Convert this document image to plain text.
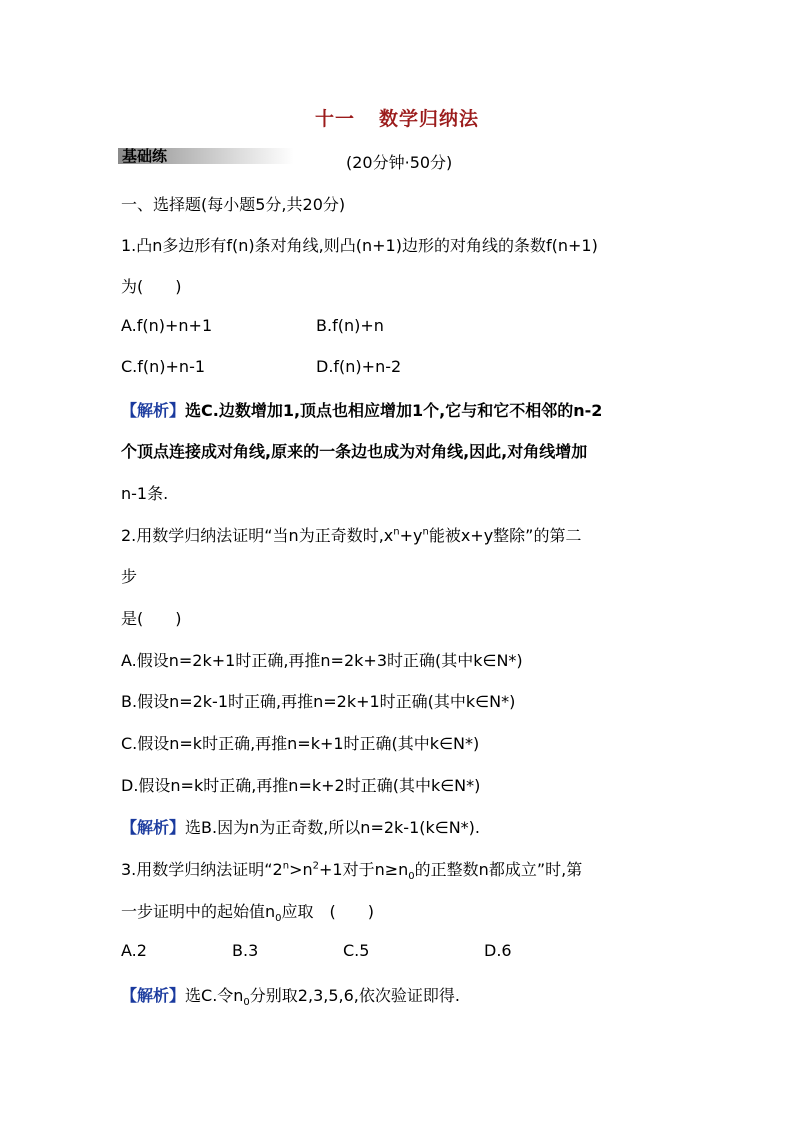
十一 数学归纳法
基础练	(20分钟·50分)
一、选择题(每小题5分,共20分)
1.凸n多边形有f(n)条对角线,则凸(n+1)边形的对角线的条数f(n+1)
为(　　)
A.f(n)+n+1	B.f(n)+n
C.f(n)+n-1	D.f(n)+n-2
【解析】选C.边数增加1,顶点也相应增加1个,它与和它不相邻的n-2
个顶点连接成对角线,原来的一条边也成为对角线,因此,对角线增加
n-1条.
2.用数学归纳法证明“当n为正奇数时$,x^n+y^n$能被x+y整除”的第二
步
是(　　)
A.假设n=2k+1时正确,再推n=2k+3时正确(其中k∈N*)
B.假设n=2k-1时正确,再推n=2k+1时正确(其中k∈N*)
C.假设n=k时正确,再推n=k+1时正确(其中k∈N*)
D.假设n=k时正确,再推n=k+2时正确(其中k∈N*)
【解析】选B.因为n为正奇数,所以n=2k-1(k∈N*).
3.用数学归纳法证明“$2^n>n^2+1$对于$n\ge n_0$的正整数n都成立”时,第
一步证明中的起始值$n_0$应取　(　　)
A.2	B.3	C.5	D.6
【解析】选C.令$n_0$分别取2,3,5,6,依次验证即得.
